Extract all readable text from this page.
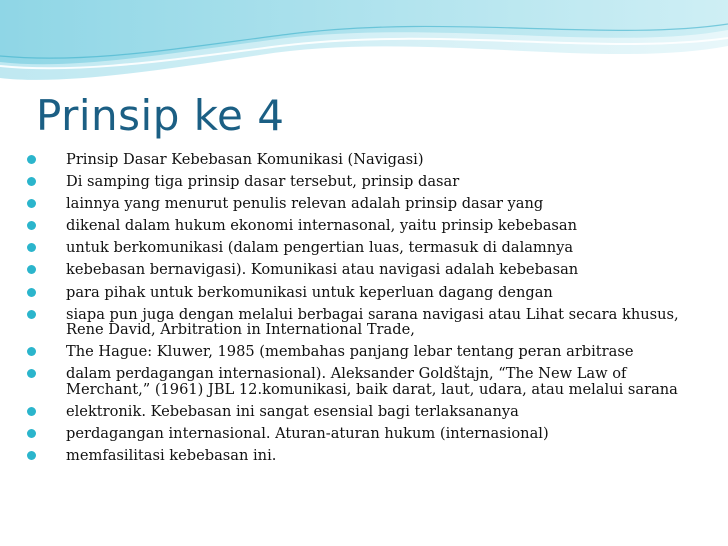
Prinsip ke 4
Prinsip Dasar Kebebasan Komunikasi (Navigasi)
Di samping tiga prinsip dasar tersebut, prinsip dasar
lainnya yang menurut penulis relevan adalah prinsip dasar yang
dikenal dalam hukum ekonomi internasonal, yaitu prinsip kebebasan
untuk berkomunikasi (dalam pengertian luas, termasuk di dalamnya
kebebasan bernavigasi). Komunikasi atau navigasi adalah kebebasan
para pihak untuk berkomunikasi untuk keperluan dagang dengan
siapa pun juga dengan melalui berbagai sarana navigasi atau Lihat secara khusus, Rene David, Arbitration in International Trade,
The Hague: Kluwer, 1985 (membahas panjang lebar tentang peran arbitrase
dalam perdagangan internasional). Aleksander Goldštajn, “The New Law of Merchant,” (1961) JBL 12.komunikasi, baik darat, laut, udara, atau melalui sarana
elektronik. Kebebasan ini sangat esensial bagi terlaksananya
perdagangan internasional. Aturan-aturan hukum (internasional)
memfasilitasi kebebasan ini.
